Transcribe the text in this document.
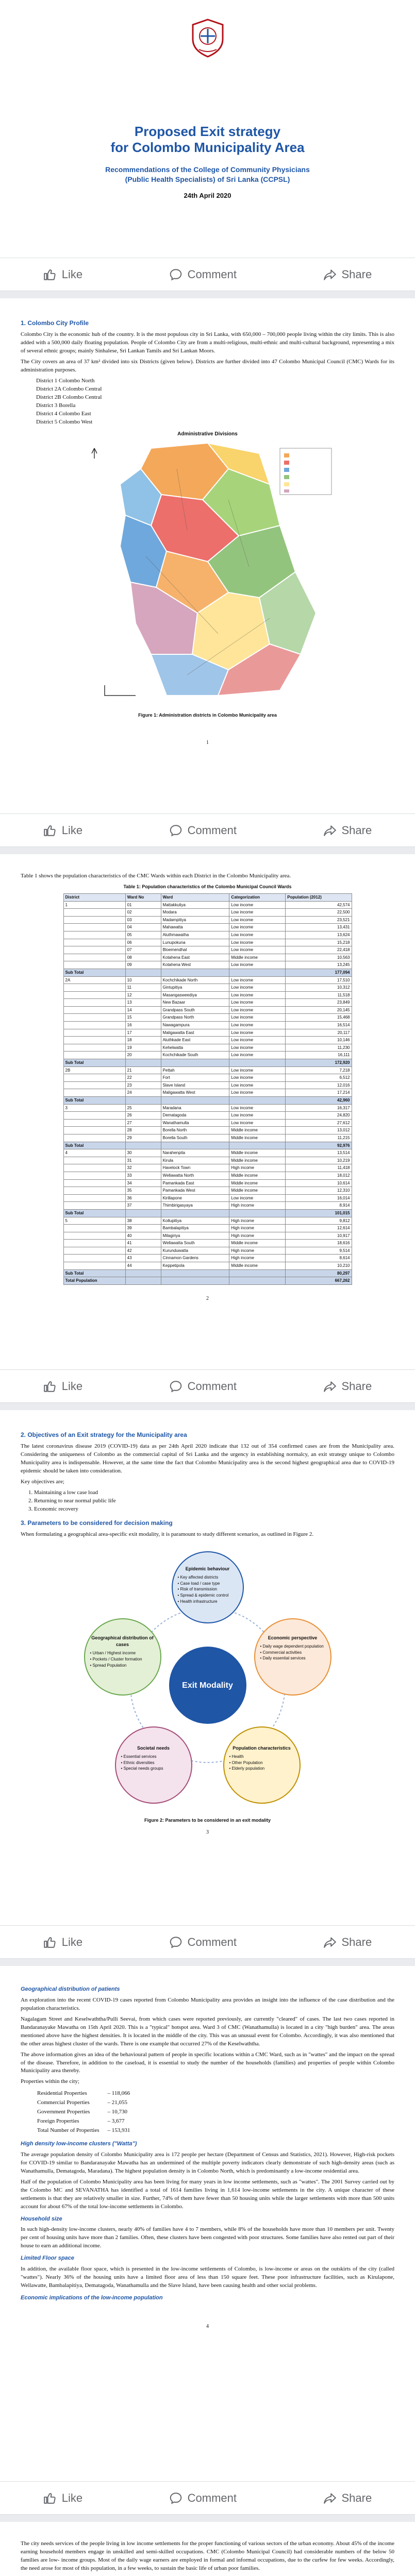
Proposed Exit strategy
for Colombo Municipality Area
Recommendations of the College of Community Physicians
(Public Health Specialists) of Sri Lanka (CCPSL)
24th April 2020
Like	Comment	Share
1. Colombo City Profile

Colombo City is the economic hub of the country. It is the most populous city in Sri Lanka, with 650,000 – 700,000 people living within the city limits. This is also added with a 500,000 daily floating population. People of Colombo City are from a multi-religious, multi-ethnic and multi-cultural background, representing a mix of several ethnic groups; mainly Sinhalese, Sri Lankan Tamils and Sri Lankan Moors.

The City covers an area of 37 km² divided into six Districts (given below). Districts are further divided into 47 Colombo Municipal Council (CMC) Wards for its administration purposes.

District 1 Colombo North
District 2A Colombo Central
District 2B Colombo Central
District 3 Borella
District 4 Colombo East
District 5 Colombo West
Administrative Divisions
Figure 1: Administration districts in Colombo Municipality area
1
Like	Comment	Share

Table 1 shows the population characteristics of the CMC Wards within each District in the Colombo Municipality area.

Table 1: Population characteristics of the Colombo Municipal Council Wards
District	Ward No	Ward	Categorization	Population (2012)
1	01	Mattakkuliya	Low income	42,574
	02	Modara	Low income	22,500
	03	Madampitiya	Low income	23,521
	04	Mahawatta	Low income	13,431
	05	Aluthmawatha	Low income	13,624
	06	Lunupokuna	Low income	15,218
	07	Bloemendhal	Low income	22,418
	08	Kotahena East	Middle income	10,563
	09	Kotahena West	Low income	13,245
Sub Total				177,094
2A	10	Kochchikade North	Low income	17,510
	11	Gintupitiya	Low income	10,312
	12	Masangasweediya	Low income	11,518
	13	New Bazaar	Low income	23,849
	14	Grandpass South	Low income	20,145
	15	Grandpass North	Low income	15,468
	16	Nawagampura	Low income	16,514
	17	Maligawatta East	Low income	20,117
	18	Aluthkade East	Low income	10,146
	19	Kehelwatta	Low income	11,230
	20	Kochchikade South	Low income	16,111
Sub Total				172,920
2B	21	Pettah	Low income	7,218
	22	Fort	Low income	6,512
	23	Slave Island	Low income	12,016
	24	Maligawatta West	Low income	17,214
Sub Total				42,960
3	25	Maradana	Low income	16,317
	26	Dematagoda	Low income	24,820
	27	Wanathamulla	Low income	27,612
	28	Borella North	Middle income	13,012
	29	Borella South	Middle income	11,215
Sub Total				92,976
4	30	Narahenpita	Middle income	13,514
	31	Kirula	Middle income	10,219
	32	Havelock Town	High income	11,418
	33	Wellawatta North	Middle income	18,012
	34	Pamankada East	Middle income	10,614
	35	Pamankada West	Middle income	12,310
	36	Kirillapone	Low income	16,014
	37	Thimbirigasyaya	High income	8,914
Sub Total				101,015
5	38	Kollupitiya	High income	9,812
	39	Bambalapitiya	High income	12,614
	40	Milagiriya	High income	10,917
	41	Wellawatta South	Middle income	18,616
	42	Kurunduwatta	High income	9,514
	43	Cinnamon Gardens	High income	8,614
	44	Keppetipola	Middle income	10,210
Sub Total				80,297
Total Population				667,262
2
Like	Comment	Share
2. Objectives of an Exit strategy for the Municipality area

The latest coronavirus disease 2019 (COVID-19) data as per 24th April 2020 indicate that 132 out of 354 confirmed cases are from the Municipality area. Considering the uniqueness of Colombo as the commercial capital of Sri Lanka and the urgency in establishing normalcy, an exit strategy unique to Colombo Municipality area is indispensable. However, at the same time the fact that Colombo Municipality area is the second highest geographical area due to COVID-19 epidemic should be taken into consideration.

Key objectives are;

1. Maintaining a low case load
2. Returning to near normal public life
3. Economic recovery
3. Parameters to be considered for decision making

When formulating a geographical area-specific exit modality, it is paramount to study different scenarios, as outlined in Figure 2.

Exit Modality
Epidemic behaviour
• Key affected districts
• Case load / case type
• Risk of transmission
• Spread & epidemic control
• Health infrastructure
Geographical distribution of cases
• Urban / Highest income
• Pockets / Cluster formation
• Spread Population
Economic perspective
• Daily wage dependent population
• Commercial activities
• Daily essential services
Societal needs
• Essential services
• Ethnic diversities
• Special needs groups
Population characteristics
• Health
• Other Population
• Elderly population
Figure 2: Parameters to be considered in an exit modality
3
Like	Comment	Share
Geographical distribution of patients

An exploration into the recent COVID-19 cases reported from Colombo Municipality area provides an insight into the influence of the case distribution and the population characteristics.

Nagalagam Street and Keselwaththa/Pulli Seevai, from which cases were reported previously, are currently "cleared" of cases. The last two cases reported in Bandaranayake Mawatha on 15th April 2020. This is a "typical" hotspot area. Ward 3 of CMC (Wanathamulla) is located in a city "high burden" area. The areas mentioned above have the highest densities. It is located in the middle of the city. This was an unusual event for Colombo. Accordingly, it was also mentioned that the other areas highest cluster of the wards. There is one example that occurred 27% of the Keselwaththa.

The above information gives an idea of the behavioural pattern of people in specific locations within a CMC Ward, such as in "wattes" and the impact on the spread of the disease. Therefore, in addition to the caseload, it is essential to study the number of the households (families) and properties of people within Colombo Municipality area thereby.

Properties within the city;

Residential Properties	– 118,066
Commercial Properties	– 21,055
Government Properties	– 10,730
Foreign Properties	– 3,677
Total Number of Properties	– 153,931
High density low-income clusters ("Watta")

The average population density of Colombo Municipality area is 172 people per hectare (Department of Census and Statistics, 2021). However, High-risk pockets for COVID-19 similar to Bandaranayake Mawatha has an undermined of the multiple poverty indicators clearly demonstrate of such high-density areas (such as Wanathamulla, Dematagoda, Maradana). The highest population density is in Colombo North, which is predominantly a low-income residential area.

Half of the population of Colombo Municipality area has been living for many years in low income settlements, such as "wattes". The 2001 Survey carried out by the Colombo MC and SEVANATHA has identified a total of 1614 families living in 1,614 low-income settlements in the city. A unique character of these settlements is that they are relatively smaller in size. Further, 74% of them have fewer than 50 housing units while the larger settlements with more than 500 units account for about 67% of the total low-income settlements in Colombo.

Household size

In such high-density low-income clusters, nearly 40% of families have 4 to 7 members, while 8% of the households have more than 10 members per unit. Twenty per cent of housing units have more than 2 families. Often, these clusters have been congested with poor structures. Some families have also rented out part of their house to earn an additional income.

Limited Floor space

In addition, the available floor space, which is presented in the low-income settlements of Colombo, is low-income or areas on the outskirts of the city (called "wattes"). Nearly 36% of the housing units have a limited floor area of less than 150 square feet. These poor infrastructure facilities, such as Kirulapone, Wellawatte, Bambalapitiya, Dematagoda, Wanathamulla and the Slave Island, have been causing health and other social problems.

Economic implications of the low-income population
4
Like	Comment	Share

The city needs services of the people living in low income settlements for the proper functioning of various sectors of the urban economy. About 45% of the income earning household members engage in unskilled and semi-skilled occupations. CMC (Colombo Municipal Council) had considerable numbers of the below 50 families are low- income groups. Most of the daily wage earners are employed in formal and informal occupations, due to the curfew for few weeks. Accordingly, the need arose for most of this population, in a few weeks, to sustain the basic life of urban poor families.
